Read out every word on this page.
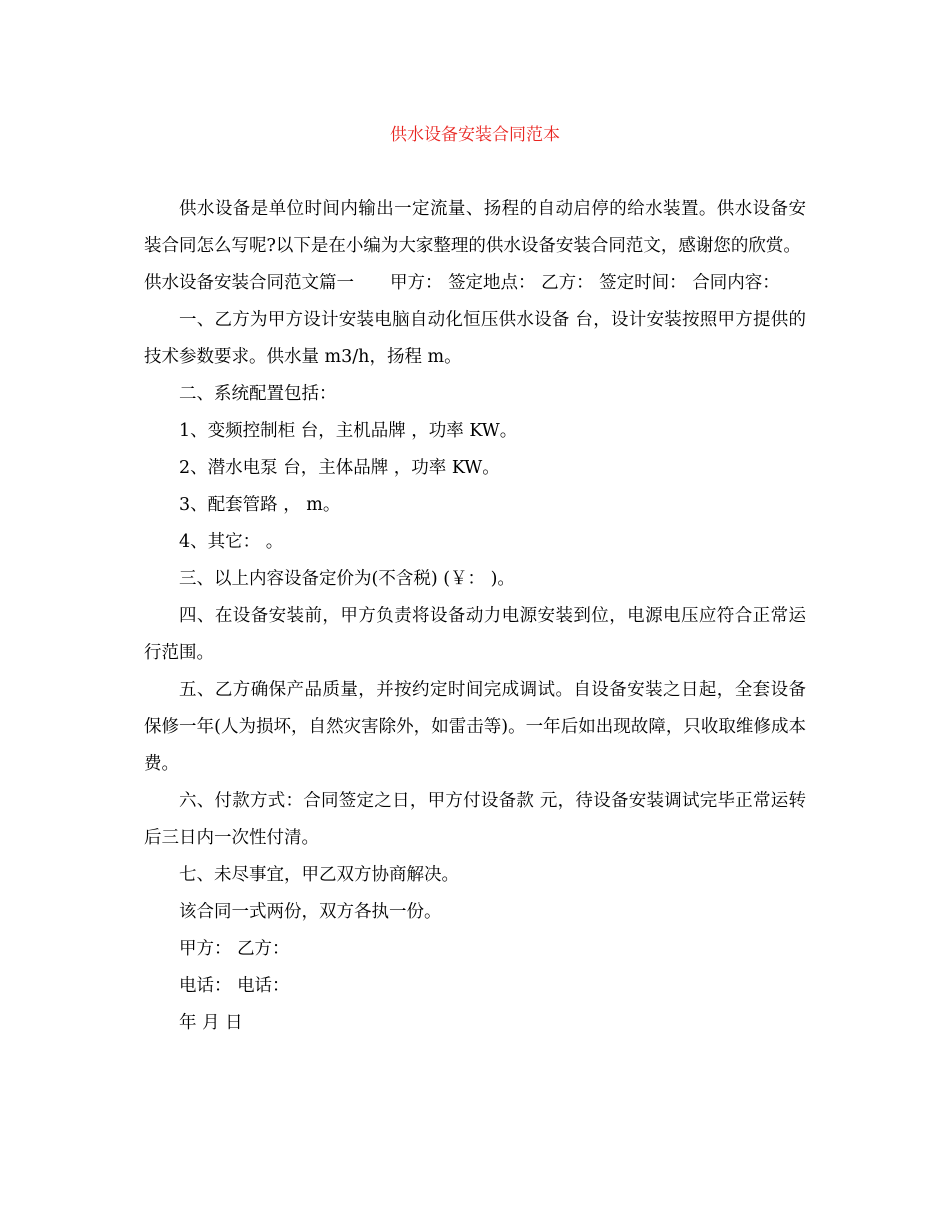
供水设备安装合同范本

供水设备是单位时间内输出一定流量、扬程的自动启停的给水装置。供水设备安装合同怎么写呢?以下是在小编为大家整理的供水设备安装合同范文，感谢您的欣赏。

供水设备安装合同范文篇一 甲方： 签定地点： 乙方： 签定时间： 合同内容：

一、乙方为甲方设计安装电脑自动化恒压供水设备 台，设计安装按照甲方提供的技术参数要求。供水量 m3/h，扬程 m。

二、系统配置包括：

1、变频控制柜 台，主机品牌 ，功率 KW。

2、潜水电泵 台，主体品牌 ，功率 KW。

3、配套管路 ， m。

4、其它： 。

三、以上内容设备定价为(不含税) (￥： )。

四、在设备安装前，甲方负责将设备动力电源安装到位，电源电压应符合正常运行范围。

五、乙方确保产品质量，并按约定时间完成调试。自设备安装之日起，全套设备保修一年(人为损坏，自然灾害除外，如雷击等)。一年后如出现故障，只收取维修成本费。

六、付款方式：合同签定之日，甲方付设备款 元，待设备安装调试完毕正常运转后三日内一次性付清。

七、未尽事宜，甲乙双方协商解决。

该合同一式两份，双方各执一份。

甲方： 乙方：

电话： 电话：

年 月 日
